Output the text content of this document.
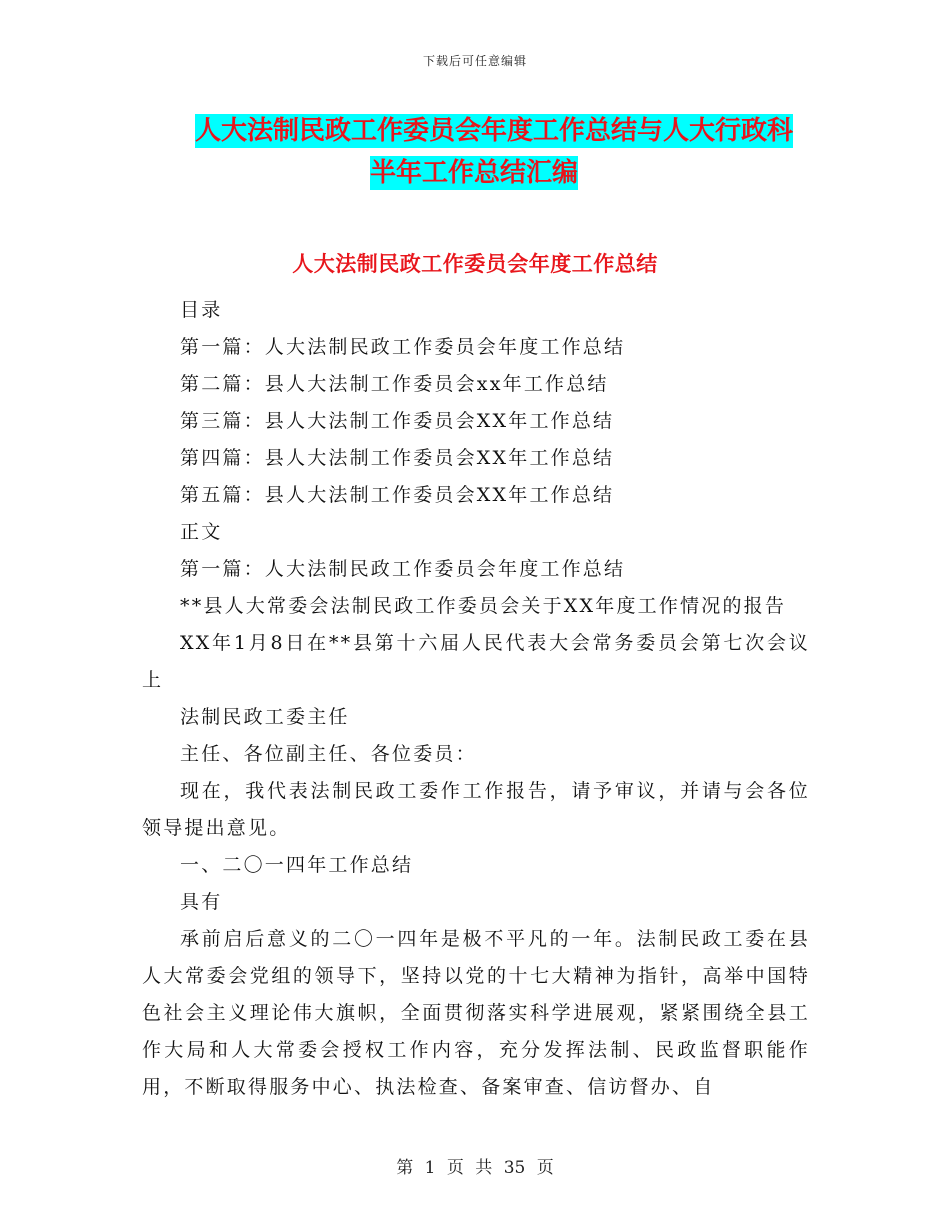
下载后可任意编辑
人大法制民政工作委员会年度工作总结与人大行政科
半年工作总结汇编
人大法制民政工作委员会年度工作总结

目录

第一篇：人大法制民政工作委员会年度工作总结

第二篇：县人大法制工作委员会xx年工作总结

第三篇：县人大法制工作委员会XX年工作总结

第四篇：县人大法制工作委员会XX年工作总结

第五篇：县人大法制工作委员会XX年工作总结

正文

第一篇：人大法制民政工作委员会年度工作总结

**县人大常委会法制民政工作委员会关于XX年度工作情况的报告

XX年1月8日在**县第十六届人民代表大会常务委员会第七次会议上

法制民政工委主任

主任、各位副主任、各位委员：

现在，我代表法制民政工委作工作报告，请予审议，并请与会各位领导提出意见。

一、二〇一四年工作总结

具有

承前启后意义的二〇一四年是极不平凡的一年。法制民政工委在县人大常委会党组的领导下，坚持以党的十七大精神为指针，高举中国特色社会主义理论伟大旗帜，全面贯彻落实科学进展观，紧紧围绕全县工作大局和人大常委会授权工作内容，充分发挥法制、民政监督职能作用，不断取得服务中心、执法检查、备案审查、信访督办、自

第 1 页 共 35 页
